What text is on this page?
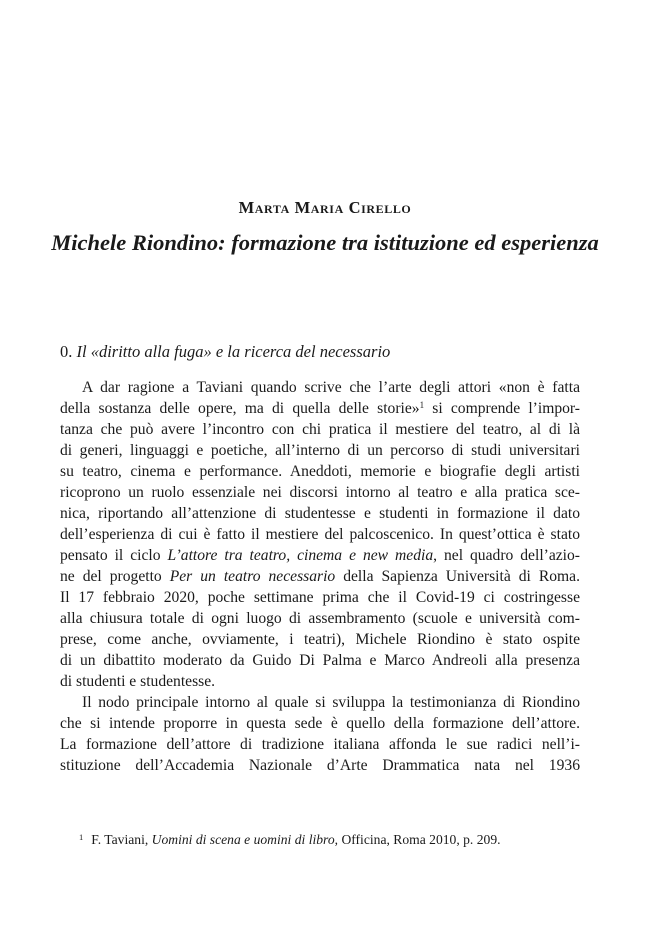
Marta Maria Cirello
Michele Riondino: formazione tra istituzione ed esperienza
0. Il «diritto alla fuga» e la ricerca del necessario
A dar ragione a Taviani quando scrive che l’arte degli attori «non è fatta
della sostanza delle opere, ma di quella delle storie»$^1$ si comprende l’impor-
tanza che può avere l’incontro con chi pratica il mestiere del teatro, al di là
di generi, linguaggi e poetiche, all’interno di un percorso di studi universitari
su teatro, cinema e performance. Aneddoti, memorie e biografie degli artisti
ricoprono un ruolo essenziale nei discorsi intorno al teatro e alla pratica sce-
nica, riportando all’attenzione di studentesse e studenti in formazione il dato
dell’esperienza di cui è fatto il mestiere del palcoscenico. In quest’ottica è stato
pensato il ciclo L’attore tra teatro, cinema e new media, nel quadro dell’azio-
ne del progetto Per un teatro necessario della Sapienza Università di Roma.
Il 17 febbraio 2020, poche settimane prima che il Covid-19 ci costringesse
alla chiusura totale di ogni luogo di assembramento (scuole e università com-
prese, come anche, ovviamente, i teatri), Michele Riondino è stato ospite
di un dibattito moderato da Guido Di Palma e Marco Andreoli alla presenza
di studenti e studentesse.
Il nodo principale intorno al quale si sviluppa la testimonianza di Riondino
che si intende proporre in questa sede è quello della formazione dell’attore.
La formazione dell’attore di tradizione italiana affonda le sue radici nell’i-
stituzione dell’Accademia Nazionale d’Arte Drammatica nata nel 1936

$^1$ F. Taviani, Uomini di scena e uomini di libro, Officina, Roma 2010, p. 209.
